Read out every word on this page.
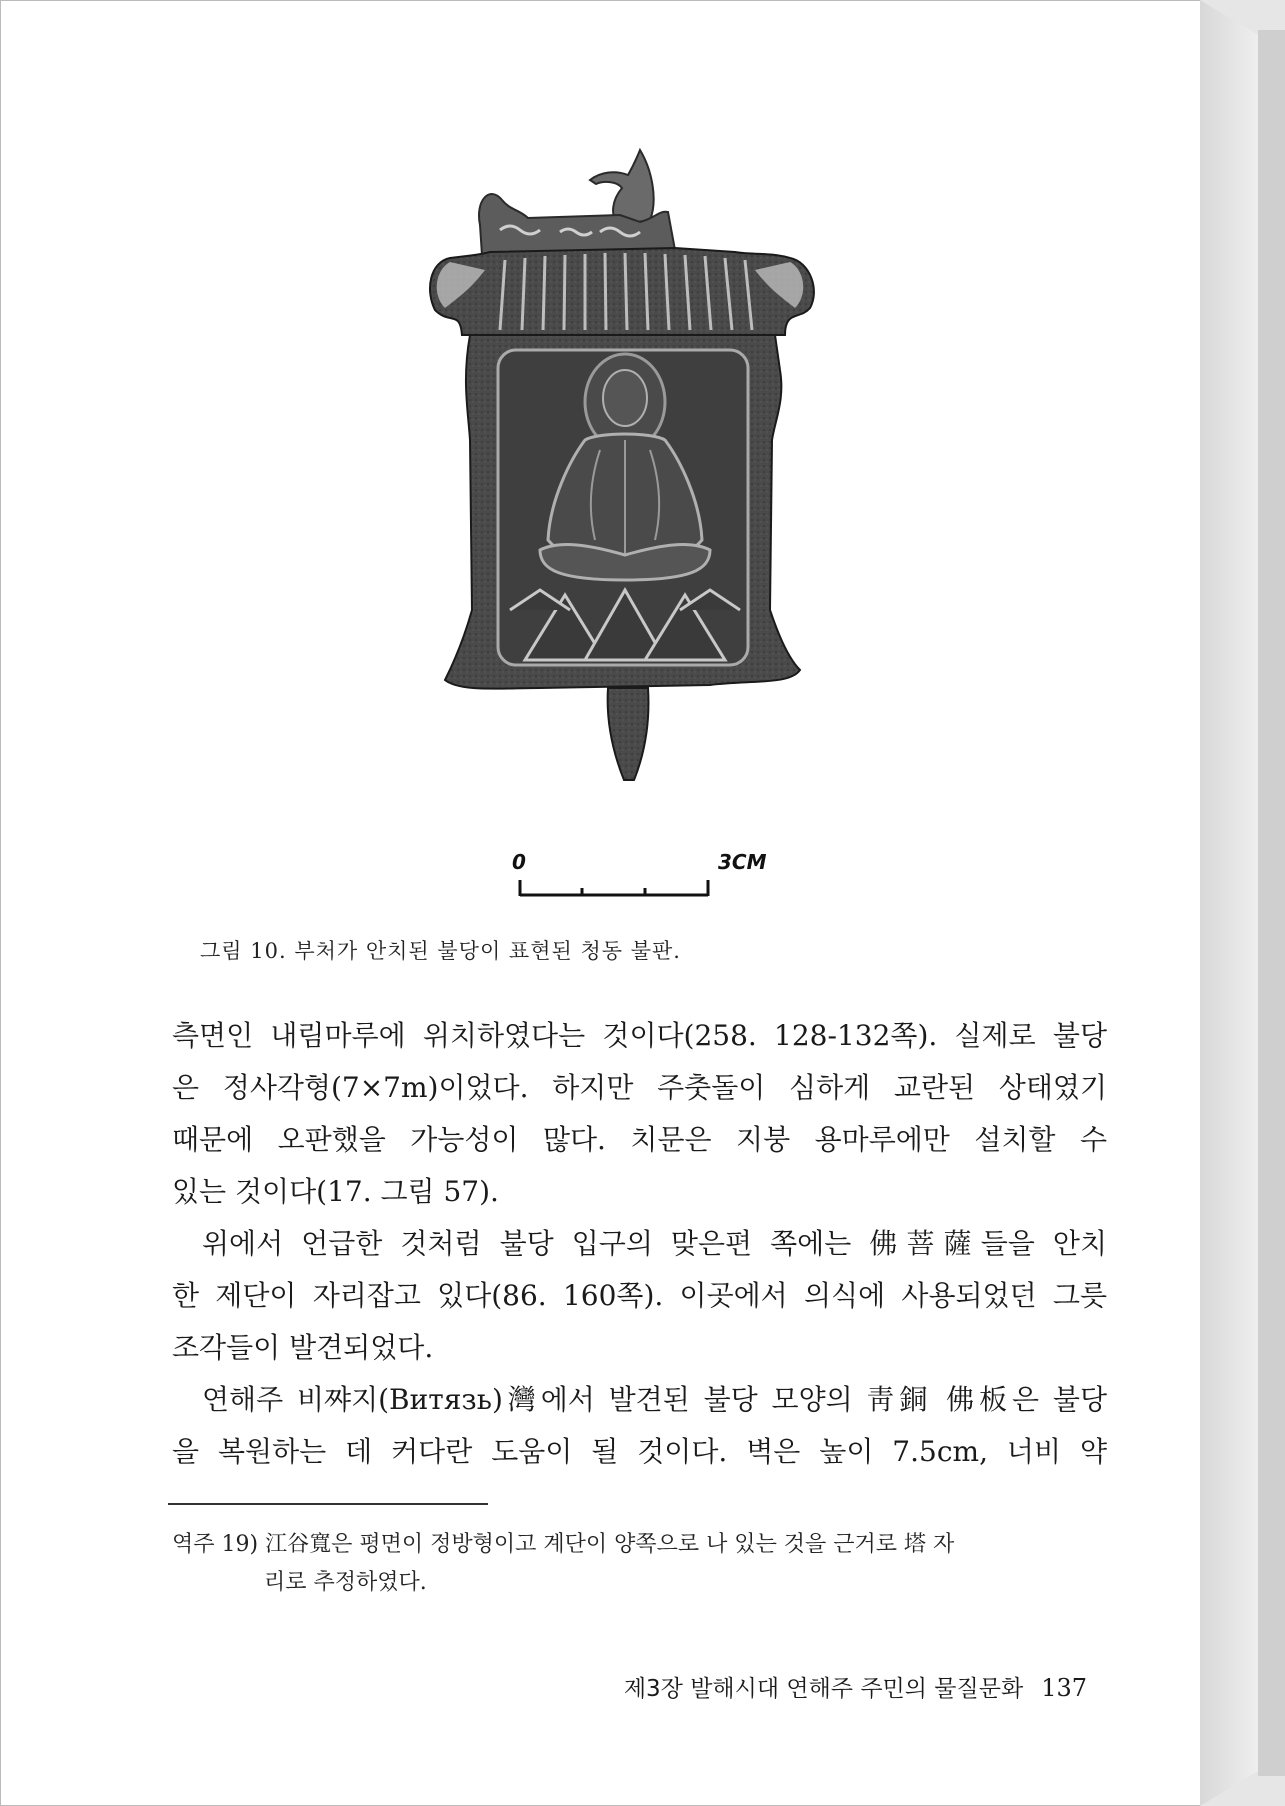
0	3CM
그림 10. 부처가 안치된 불당이 표현된 청동 불판.
측면인 내림마루에 위치하였다는 것이다(258. 128-132쪽). 실제로 불당
은 정사각형(7×7m)이었다. 하지만 주춧돌이 심하게 교란된 상태였기
때문에 오판했을 가능성이 많다. 치문은 지붕 용마루에만 설치할 수
있는 것이다(17. 그림 57).
위에서 언급한 것처럼 불당 입구의 맞은편 쪽에는 佛菩薩들을 안치
한 제단이 자리잡고 있다(86. 160쪽). 이곳에서 의식에 사용되었던 그릇
조각들이 발견되었다.
연해주 비쨔지(Витязь)灣에서 발견된 불당 모양의 靑銅 佛板은 불당
을 복원하는 데 커다란 도움이 될 것이다. 벽은 높이 7.5cm, 너비 약
역주 19) 江谷寬은 평면이 정방형이고 계단이 양쪽으로 나 있는 것을 근거로 塔 자
리로 추정하였다.
제3장 발해시대 연해주 주민의 물질문화 137
